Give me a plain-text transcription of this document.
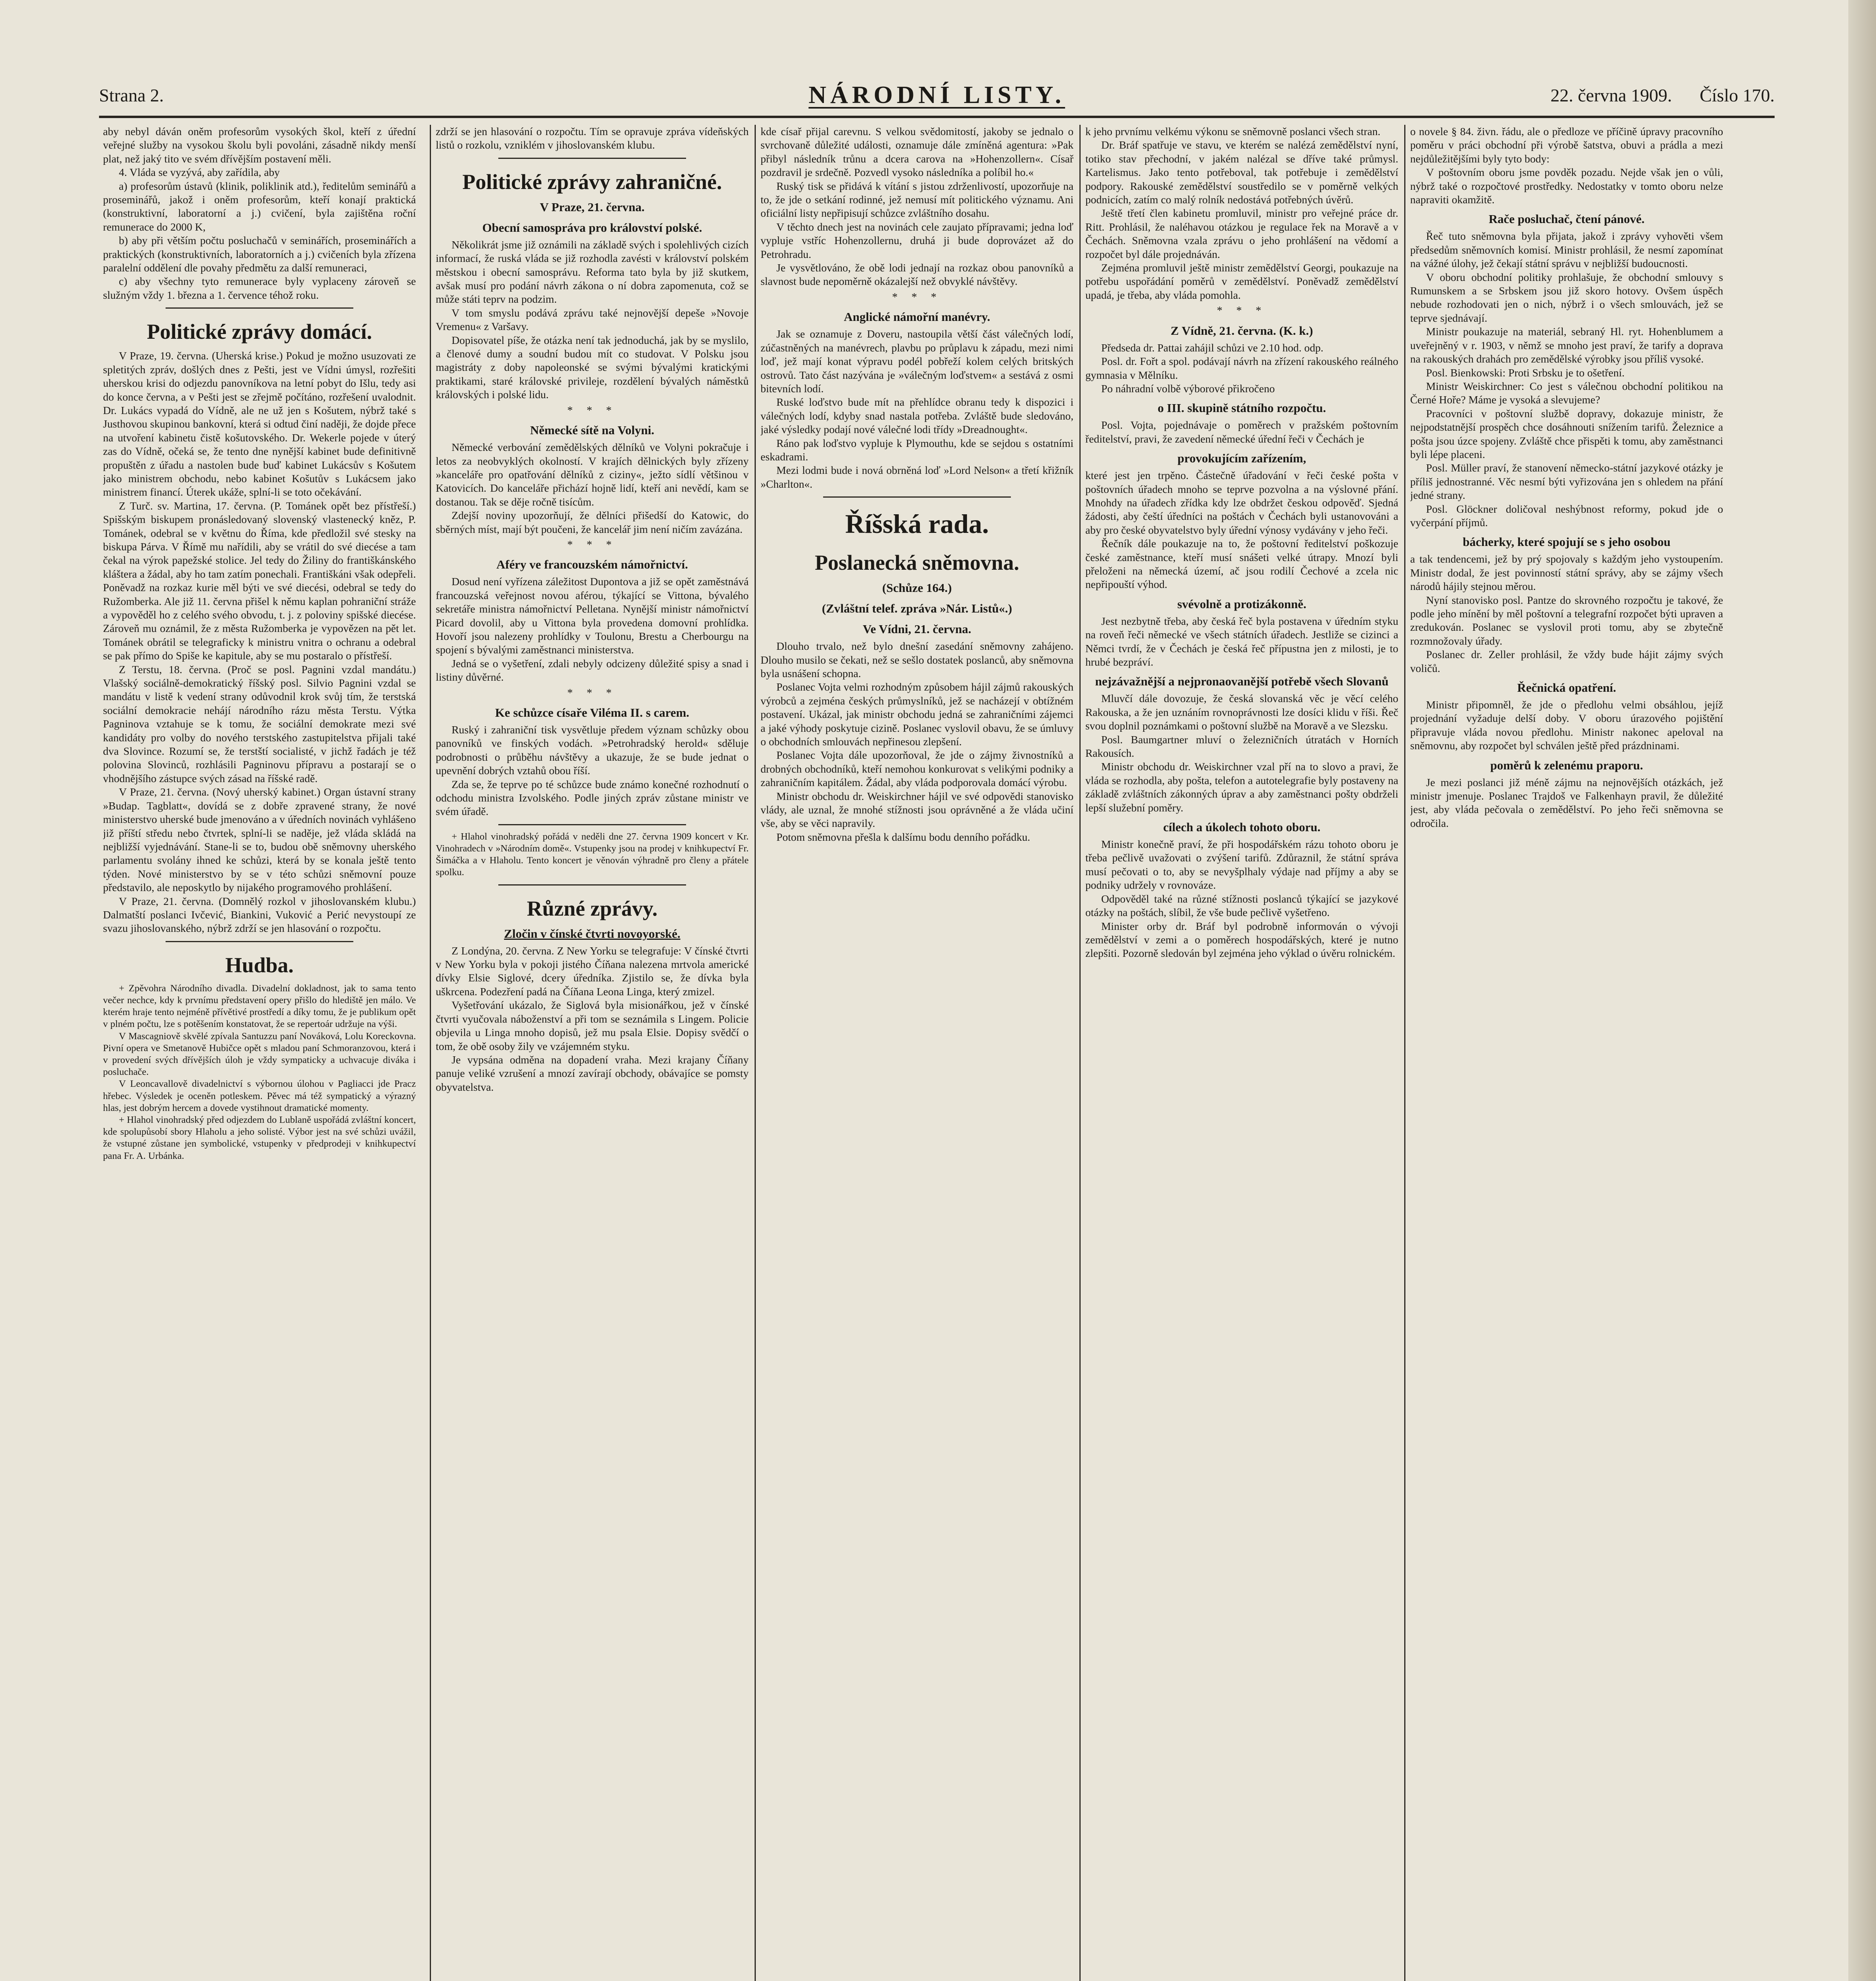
Strana 2.	NÁRODNÍ LISTY.	22. června 1909. Číslo 170.

aby nebyl dáván oněm profesorům vysokých škol, kteří z úřední veřejné služby na vysokou školu byli povoláni, zásadně nikdy menší plat, než jaký tito ve svém dřívějším postavení měli.

4. Vláda se vyzývá, aby zařídila, aby

a) profesorům ústavů (klinik, poliklinik atd.), ředitelům seminářů a proseminářů, jakož i oněm profesorům, kteří konají praktická (konstruktivní, laboratorní a j.) cvičení, byla zajištěna roční remunerace do 2000 K,

b) aby při větším počtu posluchačů v seminářích, proseminářích a praktických (konstruktivních, laboratorních a j.) cvičeních byla zřízena paralelní oddělení dle povahy předmětu za další remuneraci,

c) aby všechny tyto remunerace byly vyplaceny zároveň se služným vždy 1. března a 1. července téhož roku.

Politické zprávy domácí.

V Praze, 19. června. (Uherská krise.) Pokud je možno usuzovati ze spletitých zpráv, došlých dnes z Pešti, jest ve Vídni úmysl, rozřešiti uherskou krisi do odjezdu panovníkova na letní pobyt do Išlu, tedy asi do konce června, a v Pešti jest se zřejmě počítáno, rozřešení uvalodnit. Dr. Lukács vypadá do Vídně, ale ne už jen s Košutem, nýbrž také s Justhovou skupinou bankovní, která si odtud činí naději, že dojde přece na utvoření kabinetu čistě košutovského. Dr. Wekerle pojede v úterý zas do Vídně, očeká se, že tento dne nynější kabinet bude definitivně propuštěn z úřadu a nastolen bude buď kabinet Lukácsův s Košutem jako ministrem obchodu, nebo kabinet Košutův s Lukácsem jako ministrem financí. Úterek ukáže, splní-li se toto očekávání.

Z Turč. sv. Martina, 17. června. (P. Tománek opět bez přístřeší.) Spišským biskupem pronásledovaný slovenský vlastenecký kněz, P. Tománek, odebral se v květnu do Říma, kde předložil své stesky na biskupa Párva. V Římě mu nařídili, aby se vrátil do své diecése a tam čekal na výrok papežské stolice. Jel tedy do Žiliny do františkánského kláštera a žádal, aby ho tam zatím ponechali. Františkáni však odepřeli. Poněvadž na rozkaz kurie měl býti ve své diecési, odebral se tedy do Ružomberka. Ale již 11. června přišel k němu kaplan pohraniční stráže a vypověděl ho z celého svého obvodu, t. j. z poloviny spišské diecése. Zároveň mu oznámil, že z města Ružomberka je vypovězen na pět let. Tománek obrátil se telegraficky k ministru vnitra o ochranu a odebral se pak přímo do Spiše ke kapitule, aby se mu postaralo o přístřeší.

Z Terstu, 18. června. (Proč se posl. Pagnini vzdal mandátu.) Vlašský sociálně-demokratický říšský posl. Silvio Pagnini vzdal se mandátu v listě k vedení strany odůvodnil krok svůj tím, že terstská sociální demokracie nehájí národního rázu města Terstu. Výtka Pagninova vztahuje se k tomu, že sociální demokrate mezi své kandidáty pro volby do nového terstského zastupitelstva přijali také dva Slovince. Rozumí se, že terstští socialisté, v jichž řadách je též polovina Slovinců, rozhlásili Pagninovu přípravu a postarají se o vhodnějšího zástupce svých zásad na říšské radě.

V Praze, 21. června. (Nový uherský kabinet.) Organ ústavní strany »Budap. Tagblatt«, dovídá se z dobře zpravené strany, že nové ministerstvo uherské bude jmenováno a v úředních novinách vyhlášeno již příští středu nebo čtvrtek, splní-li se naděje, jež vláda skládá na nejbližší vyjednávání. Stane-li se to, budou obě sněmovny uherského parlamentu svolány ihned ke schůzi, která by se konala ještě tento týden. Nové ministerstvo by se v této schůzi sněmovní pouze představilo, ale neposkytlo by nijakého programového prohlášení.

V Praze, 21. června. (Domnělý rozkol v jihoslovanském klubu.) Dalmatští poslanci Ivčević, Biankini, Vuković a Perić nevystoupí ze svazu jihoslovanského, nýbrž zdrží se jen hlasování o rozpočtu.

Hudba.

+ Zpěvohra Národního divadla. Divadelní dokladnost, jak to sama tento večer nechce, kdy k prvnímu představení opery přišlo do hlediště jen málo. Ve kterém hraje tento nejméně přívětivé prostředí a díky tomu, že je publikum opět v plném počtu, lze s potěšením konstatovat, že se repertoár udržuje na výši.

V Mascagniově skvělé zpívala Santuzzu paní Nováková, Lolu Koreckovna. Pivní opera ve Smetanově Hubičce opět s mladou paní Schmoranzovou, která i v provedení svých dřívějších úloh je vždy sympaticky a uchvacuje diváka i posluchače.

V Leoncavallově divadelnictví s výbornou úlohou v Pagliacci jde Pracz hřebec. Výsledek je oceněn potleskem. Pěvec má též sympatický a výrazný hlas, jest dobrým hercem a dovede vystihnout dramatické momenty.

+ Hlahol vinohradský před odjezdem do Lublaně uspořádá zvláštní koncert, kde spolupůsobí sbory Hlaholu a jeho solisté. Výbor jest na své schůzi uvážil, že vstupné zůstane jen symbolické, vstupenky v předprodeji v knihkupectví pana Fr. A. Urbánka.

zdrží se jen hlasování o rozpočtu. Tím se opravuje zpráva vídeňských listů o rozkolu, vzniklém v jihoslovanském klubu.

Politické zprávy zahraničné.
V Praze, 21. června.
Obecní samospráva pro království polské.

Několikrát jsme již oznámili na základě svých i spolehlivých cizích informací, že ruská vláda se již rozhodla zavésti v království polském městskou i obecní samosprávu. Reforma tato byla by již skutkem, avšak musí pro podání návrh zákona o ní dobra zapomenuta, což se může státi teprv na podzim.

V tom smyslu podává zprávu také nejnovější depeše »Novoje Vremenu« z Varšavy.

Dopisovatel píše, že otázka není tak jednoduchá, jak by se myslilo, a členové dumy a soudní budou mít co studovat. V Polsku jsou magistráty z doby napoleonské se svými bývalými kratickými praktikami, staré královské privileje, rozdělení bývalých náměstků královských i polské lidu.

* * *
Německé sítě na Volyni.

Německé verbování zemědělských dělníků ve Volyni pokračuje i letos za neobvyklých okolností. V krajích dělnických byly zřízeny »kanceláře pro opatřování dělníků z ciziny«, ježto sídlí většinou v Katovicích. Do kanceláře přichází hojně lidí, kteří ani nevědí, kam se dostanou. Tak se děje ročně tisícům.

Zdejší noviny upozorňují, že dělníci přišedší do Katowic, do sběrných míst, mají být poučeni, že kancelář jim není ničím zavázána.

* * *
Aféry ve francouzském námořnictví.

Dosud není vyřízena záležitost Dupontova a již se opět zaměstnává francouzská veřejnost novou aférou, týkající se Vittona, bývalého sekretáře ministra námořnictví Pelletana. Nynější ministr námořnictví Picard dovolil, aby u Vittona byla provedena domovní prohlídka. Hovoří jsou nalezeny prohlídky v Toulonu, Brestu a Cherbourgu na spojení s bývalými zaměstnanci ministerstva.

Jedná se o vyšetření, zdali nebyly odcizeny důležité spisy a snad i listiny důvěrné.

* * *
Ke schůzce císaře Viléma II. s carem.

Ruský i zahraniční tisk vysvětluje předem význam schůzky obou panovníků ve finských vodách. »Petrohradský herold« sděluje podrobnosti o průběhu návštěvy a ukazuje, že se bude jednat o upevnění dobrých vztahů obou říší.

Zda se, že teprve po té schůzce bude známo konečné rozhodnutí o odchodu ministra Izvolského. Podle jiných zpráv zůstane ministr ve svém úřadě.

+ Hlahol vinohradský pořádá v neděli dne 27. června 1909 koncert v Kr. Vinohradech v »Národním domě«. Vstupenky jsou na prodej v knihkupectví Fr. Šimáčka a v Hlaholu. Tento koncert je věnován výhradně pro členy a přátele spolku.

Různé zprávy.
Zločin v čínské čtvrti novoyorské.

Z Londýna, 20. června. Z New Yorku se telegrafuje: V čínské čtvrti v New Yorku byla v pokoji jistého Číňana nalezena mrtvola americké dívky Elsie Siglové, dcery úředníka. Zjistilo se, že dívka byla uškrcena. Podezření padá na Číňana Leona Linga, který zmizel.

Vyšetřování ukázalo, že Siglová byla misionářkou, jež v čínské čtvrti vyučovala náboženství a při tom se seznámila s Lingem. Policie objevila u Linga mnoho dopisů, jež mu psala Elsie. Dopisy svědčí o tom, že obě osoby žily ve vzájemném styku.

Je vypsána odměna na dopadení vraha. Mezi krajany Číňany panuje veliké vzrušení a mnozí zavírají obchody, obávajíce se pomsty obyvatelstva.

kde císař přijal carevnu. S velkou svědomitostí, jakoby se jednalo o svrchovaně důležité události, oznamuje dále zmíněná agentura: »Pak přibyl následník trůnu a dcera carova na »Hohenzollern«. Císař pozdravil je srdečně. Pozvedl vysoko následníka a políbil ho.«

Ruský tisk se přidává k vítání s jistou zdrženlivostí, upozorňuje na to, že jde o setkání rodinné, jež nemusí mít politického významu. Ani oficiální listy nepřipisují schůzce zvláštního dosahu.

V těchto dnech jest na novinách cele zaujato přípravami; jedna loď vypluje vstříc Hohenzollernu, druhá ji bude doprovázet až do Petrohradu.

Je vysvětlováno, že obě lodi jednají na rozkaz obou panovníků a slavnost bude nepoměrně okázalejší než obvyklé návštěvy.

* * *
Anglické námořní manévry.

Jak se oznamuje z Doveru, nastoupila větší část válečných lodí, zúčastněných na manévrech, plavbu po průplavu k západu, mezi nimi loď, jež mají konat výpravu podél pobřeží kolem celých britských ostrovů. Tato část nazývána je »válečným loďstvem« a sestává z osmi bitevních lodí.

Ruské loďstvo bude mít na přehlídce obranu tedy k dispozici i válečných lodí, kdyby snad nastala potřeba. Zvláště bude sledováno, jaké výsledky podají nové válečné lodi třídy »Dreadnought«.

Ráno pak loďstvo vypluje k Plymouthu, kde se sejdou s ostatními eskadrami.

Mezi lodmi bude i nová obrněná loď »Lord Nelson« a třetí křižník »Charlton«.

Říšská rada.
Poslanecká sněmovna.
(Schůze 164.)
(Zvláštní telef. zpráva »Nár. Listů«.)
Ve Vídni, 21. června.

Dlouho trvalo, než bylo dnešní zasedání sněmovny zahájeno. Dlouho musilo se čekati, než se sešlo dostatek poslanců, aby sněmovna byla usnášení schopna.

Poslanec Vojta velmi rozhodným způsobem hájil zájmů rakouských výrobců a zejména českých průmyslníků, jež se nacházejí v obtížném postavení. Ukázal, jak ministr obchodu jedná se zahraničními zájemci a jaké výhody poskytuje cizině. Poslanec vyslovil obavu, že se úmluvy o obchodních smlouvách nepřinesou zlepšení.

Poslanec Vojta dále upozorňoval, že jde o zájmy živnostníků a drobných obchodníků, kteří nemohou konkurovat s velikými podniky a zahraničním kapitálem. Žádal, aby vláda podporovala domácí výrobu.

Ministr obchodu dr. Weiskirchner hájil ve své odpovědi stanovisko vlády, ale uznal, že mnohé stížnosti jsou oprávněné a že vláda učiní vše, aby se věci napravily.

Potom sněmovna přešla k dalšímu bodu denního pořádku.

k jeho prvnímu velkému výkonu se sněmovně poslanci všech stran.

Dr. Bráf spatřuje ve stavu, ve kterém se nalézá zemědělství nyní, totiko stav přechodní, v jakém nalézal se dříve také průmysl. Kartelismus. Jako tento potřeboval, tak potřebuje i zemědělství podpory. Rakouské zemědělství soustředilo se v poměrně velkých podnicích, zatím co malý rolník nedostává potřebných úvěrů.

Ještě třetí člen kabinetu promluvil, ministr pro veřejné práce dr. Ritt. Prohlásil, že naléhavou otázkou je regulace řek na Moravě a v Čechách. Sněmovna vzala zprávu o jeho prohlášení na vědomí a rozpočet byl dále projednáván.

Zejména promluvil ještě ministr zemědělství Georgi, poukazuje na potřebu uspořádání poměrů v zemědělství. Poněvadž zemědělství upadá, je třeba, aby vláda pomohla.

* * *
Z Vídně, 21. června. (K. k.)

Předseda dr. Pattai zahájil schůzi ve 2.10 hod. odp.

Posl. dr. Fořt a spol. podávají návrh na zřízení rakouského reálného gymnasia v Mělníku.

Po náhradní volbě výborové přikročeno

o III. skupině státního rozpočtu.

Posl. Vojta, pojednávaje o poměrech v pražském poštovním ředitelství, pravi, že zavedení německé úřední řeči v Čechách je

provokujícím zařízením,

které jest jen trpěno. Částečně úřadování v řeči české pošta v poštovních úřadech mnoho se teprve pozvolna a na výslovné přání. Mnohdy na úřadech zřídka kdy lze obdržet českou odpověď. Sjedná žádosti, aby čeští úředníci na poštách v Čechách byli ustanovováni a aby pro české obyvatelstvo byly úřední výnosy vydávány v jeho řeči.

Řečník dále poukazuje na to, že poštovní ředitelství poškozuje české zaměstnance, kteří musí snášeti velké útrapy. Mnozí byli přeloženi na německá území, ač jsou rodilí Čechové a zcela nic nepřipouští výhod.

svévolně a protizákonně.

Jest nezbytně třeba, aby česká řeč byla postavena v úředním styku na roveň řeči německé ve všech státních úřadech. Jestliže se cizinci a Němci tvrdí, že v Čechách je česká řeč přípustna jen z milosti, je to hrubé bezpráví.

nejzávažnější a nejpronaovanější potřebě všech Slovanů

Mluvčí dále dovozuje, že česká slovanská věc je věcí celého Rakouska, a že jen uznáním rovnoprávnosti lze dosíci klidu v říši. Řeč svou doplnil poznámkami o poštovní službě na Moravě a ve Slezsku.

Posl. Baumgartner mluví o železničních útratách v Horních Rakousích.

Ministr obchodu dr. Weiskirchner vzal pří na to slovo a pravi, že vláda se rozhodla, aby pošta, telefon a autotelegrafie byly postaveny na základě zvláštních zákonných úprav a aby zaměstnanci pošty obdrželi lepší služební poměry.

cílech a úkolech tohoto oboru.

Ministr konečně praví, že při hospodářském rázu tohoto oboru je třeba pečlivě uvažovati o zvýšení tarifů. Zdůraznil, že státní správa musí pečovati o to, aby se nevyšplhaly výdaje nad příjmy a aby se podniky udržely v rovnováze.

Odpověděl také na různé stížnosti poslanců týkající se jazykové otázky na poštách, slíbil, že vše bude pečlivě vyšetřeno.

Minister orby dr. Bráf byl podrobně informován o vývoji zemědělství v zemi a o poměrech hospodářských, které je nutno zlepšiti. Pozorně sledován byl zejména jeho výklad o úvěru rolnickém.

o novele § 84. živn. řádu, ale o předloze ve příčině úpravy pracovního poměru v práci obchodní při výrobě šatstva, obuvi a prádla a mezi nejdůležitějšími byly tyto body:

V poštovním oboru jsme povděk pozadu. Nejde však jen o vůli, nýbrž také o rozpočtové prostředky. Nedostatky v tomto oboru nelze napraviti okamžitě.

Rače posluchač, čtení pánové.

Řeč tuto sněmovna byla přijata, jakož i zprávy vyhověti všem předsedům sněmovních komisí. Ministr prohlásil, že nesmí zapomínat na vážné úlohy, jež čekají státní správu v nejbližší budoucnosti.

V oboru obchodní politiky prohlašuje, že obchodní smlouvy s Rumunskem a se Srbskem jsou již skoro hotovy. Ovšem úspěch nebude rozhodovati jen o nich, nýbrž i o všech smlouvách, jež se teprve sjednávají.

Ministr poukazuje na materiál, sebraný Hl. ryt. Hohenblumem a uveřejněný v r. 1903, v němž se mnoho jest praví, že tarify a doprava na rakouských drahách pro zemědělské výrobky jsou příliš vysoké.

Posl. Bienkowski: Proti Srbsku je to ošetření.

Ministr Weiskirchner: Co jest s válečnou obchodní politikou na Černé Hoře? Máme je vysoká a slevujeme?

Pracovníci v poštovní službě dopravy, dokazuje ministr, že nejpodstatnější prospěch chce dosáhnouti snížením tarifů. Železnice a pošta jsou úzce spojeny. Zvláště chce přispěti k tomu, aby zaměstnanci byli lépe placeni.

Posl. Müller praví, že stanovení německo-státní jazykové otázky je příliš jednostranné. Věc nesmí býti vyřizována jen s ohledem na přání jedné strany.

Posl. Glöckner doličoval neshýbnost reformy, pokud jde o vyčerpání příjmů.

bácherky, které spojují se s jeho osobou

a tak tendencemi, jež by prý spojovaly s každým jeho vystoupením. Ministr dodal, že jest povinností státní správy, aby se zájmy všech národů hájily stejnou měrou.

Nyní stanovisko posl. Pantze do skrovného rozpočtu je takové, že podle jeho mínění by měl poštovní a telegrafní rozpočet býti upraven a zredukován. Poslanec se vyslovil proti tomu, aby se zbytečně rozmnožovaly úřady.

Poslanec dr. Zeller prohlásil, že vždy bude hájit zájmy svých voličů.

Řečnická opatření.

Ministr připomněl, že jde o předlohu velmi obsáhlou, jejíž projednání vyžaduje delší doby. V oboru úrazového pojištění připravuje vláda novou předlohu. Ministr nakonec apeloval na sněmovnu, aby rozpočet byl schválen ještě před prázdninami.

poměrů k zelenému praporu.

Je mezi poslanci již méně zájmu na nejnovějších otázkách, jež ministr jmenuje. Poslanec Trajdoš ve Falkenhayn pravil, že důležité jest, aby vláda pečovala o zemědělství. Po jeho řeči sněmovna se odročila.
